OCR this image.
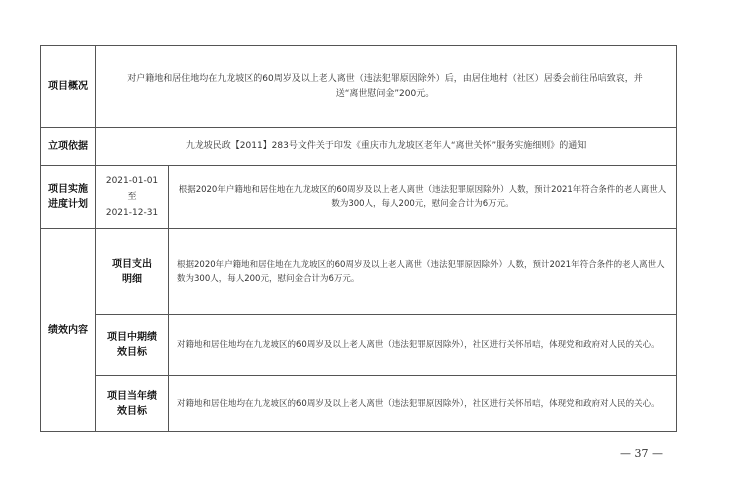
项目概况
对户籍地和居住地均在九龙坡区的60周岁及以上老人离世（违法犯罪原因除外）后，由居住地村（社区）居委会前往吊唁致哀，并送“离世慰问金”200元。
立项依据	九龙坡民政【2011】283号文件关于印发《重庆市九龙坡区老年人“离世关怀”服务实施细则》的通知
项目实施
进度计划
2021-01-01
至
2021-12-31
根据2020年户籍地和居住地在九龙坡区的60周岁及以上老人离世（违法犯罪原因除外）人数，预计2021年符合条件的老人离世人数为300人，每人200元，慰问金合计为6万元。
绩效内容
项目支出
明细
根据2020年户籍地和居住地在九龙坡区的60周岁及以上老人离世（违法犯罪原因除外）人数，预计2021年符合条件的老人离世人数为300人，每人200元，慰问金合计为6万元。
项目中期绩
效目标
对籍地和居住地均在九龙坡区的60周岁及以上老人离世（违法犯罪原因除外），社区进行关怀吊唁，体现党和政府对人民的关心。
项目当年绩
效目标
对籍地和居住地均在九龙坡区的60周岁及以上老人离世（违法犯罪原因除外），社区进行关怀吊唁，体现党和政府对人民的关心。
— 37 —
